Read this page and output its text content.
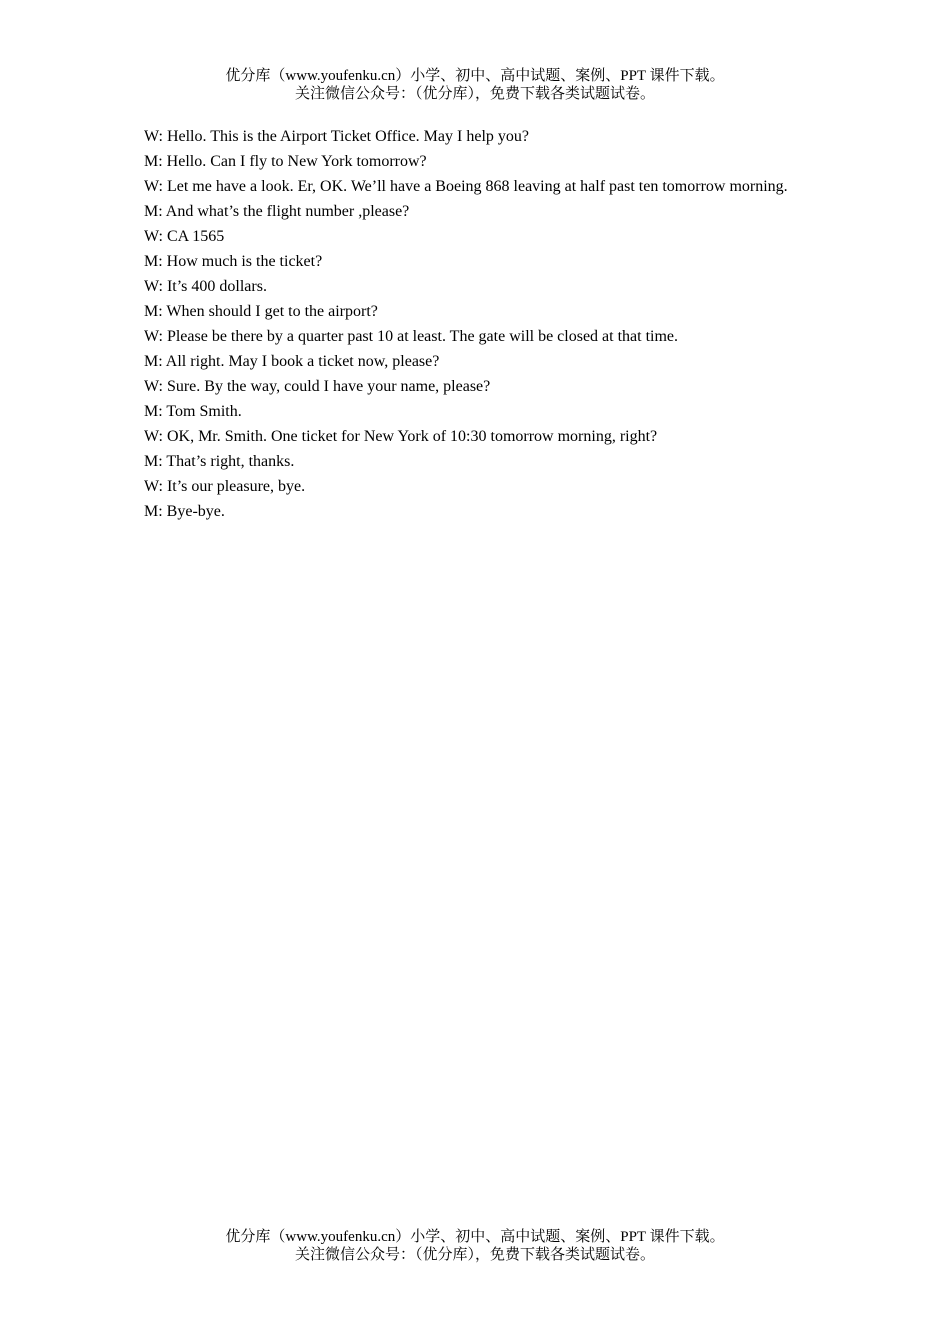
优分库（www.youfenku.cn）小学、初中、高中试题、案例、PPT 课件下载。
关注微信公众号：（优分库），免费下载各类试题试卷。
W: Hello. This is the Airport Ticket Office. May I help you?
M: Hello. Can I fly to New York tomorrow?
W: Let me have a look. Er, OK. We’ll have a Boeing 868 leaving at half past ten tomorrow morning.
M: And what’s the flight number ,please?
W: CA 1565
M: How much is the ticket?
W: It’s 400 dollars.
M: When should I get to the airport?
W: Please be there by a quarter past 10 at least. The gate will be closed at that time.
M: All right. May I book a ticket now, please?
W: Sure. By the way, could I have your name, please?
M: Tom Smith.
W: OK, Mr. Smith. One ticket for New York of 10:30 tomorrow morning, right?
M: That’s right, thanks.
W: It’s our pleasure, bye.
M: Bye-bye.
优分库（www.youfenku.cn）小学、初中、高中试题、案例、PPT 课件下载。
关注微信公众号：（优分库），免费下载各类试题试卷。
